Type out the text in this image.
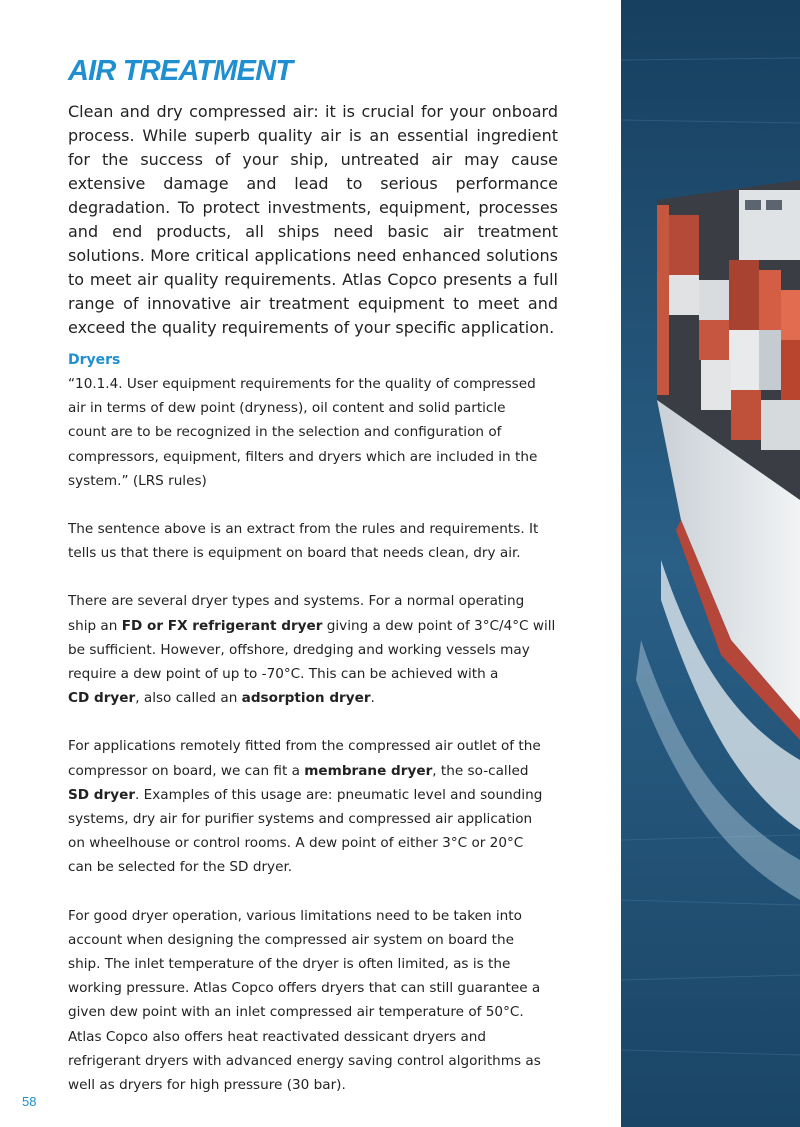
AIR TREATMENT

Clean and dry compressed air: it is crucial for your onboard process. While superb quality air is an essential ingredient for the success of your ship, untreated air may cause extensive damage and lead to serious performance degradation. To protect investments, equipment, processes and end products, all ships need basic air treatment solutions. More critical applications need enhanced solutions to meet air quality requirements. Atlas Copco presents a full range of innovative air treatment equipment to meet and exceed the quality requirements of your specific application.

Dryers

“10.1.4. User equipment requirements for the quality of compressed
air in terms of dew point (dryness), oil content and solid particle
count are to be recognized in the selection and configuration of
compressors, equipment, filters and dryers which are included in the
system.” (LRS rules)

The sentence above is an extract from the rules and requirements. It
tells us that there is equipment on board that needs clean, dry air.

There are several dryer types and systems. For a normal operating
ship an FD or FX refrigerant dryer giving a dew point of 3°C/4°C will
be sufficient. However, offshore, dredging and working vessels may
require a dew point of up to -70°C. This can be achieved with a
CD dryer, also called an adsorption dryer.

For applications remotely fitted from the compressed air outlet of the
compressor on board, we can fit a membrane dryer, the so-called
SD dryer. Examples of this usage are: pneumatic level and sounding
systems, dry air for purifier systems and compressed air application
on wheelhouse or control rooms. A dew point of either 3°C or 20°C
can be selected for the SD dryer.

For good dryer operation, various limitations need to be taken into
account when designing the compressed air system on board the
ship. The inlet temperature of the dryer is often limited, as is the
working pressure. Atlas Copco offers dryers that can still guarantee a
given dew point with an inlet compressed air temperature of 50°C.
Atlas Copco also offers heat reactivated dessicant dryers and
refrigerant dryers with advanced energy saving control algorithms as
well as dryers for high pressure (30 bar).

58
